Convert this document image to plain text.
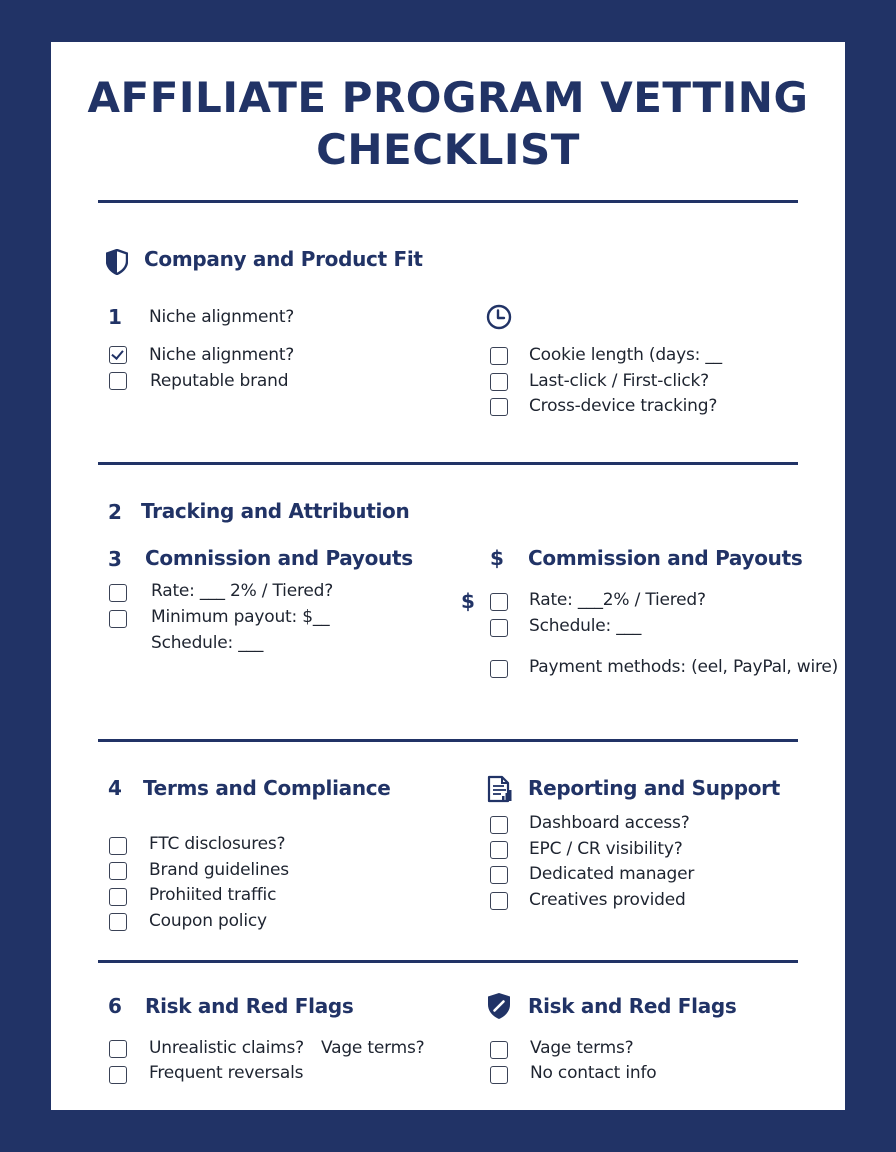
AFFILIATE PROGRAM VETTING
CHECKLIST
Company and Product Fit
1 Niche alignment?
Niche alignment?
Reputable brand
Cookie length (days: __
Last-click / First-click?
Cross-device tracking?
2 Tracking and Attribution
3 Comnission and Payouts
Rate: ___ 2% / Tiered?
Minimum payout: $__
Schedule: ___
$ Commission and Payouts
$	Rate: ___2% / Tiered?
Schedule: ___
Payment methods: (eel, PayPal, wire)
4 Terms and Compliance
FTC disclosures?
Brand guidelines
Prohiited traffic
Coupon policy
Reporting and Support
Dashboard access?
EPC / CR visibility?
Dedicated manager
Creatives provided
6 Risk and Red Flags
Unrealistic claims? Vage terms?
Frequent reversals
Risk and Red Flags
Vage terms?
No contact info
